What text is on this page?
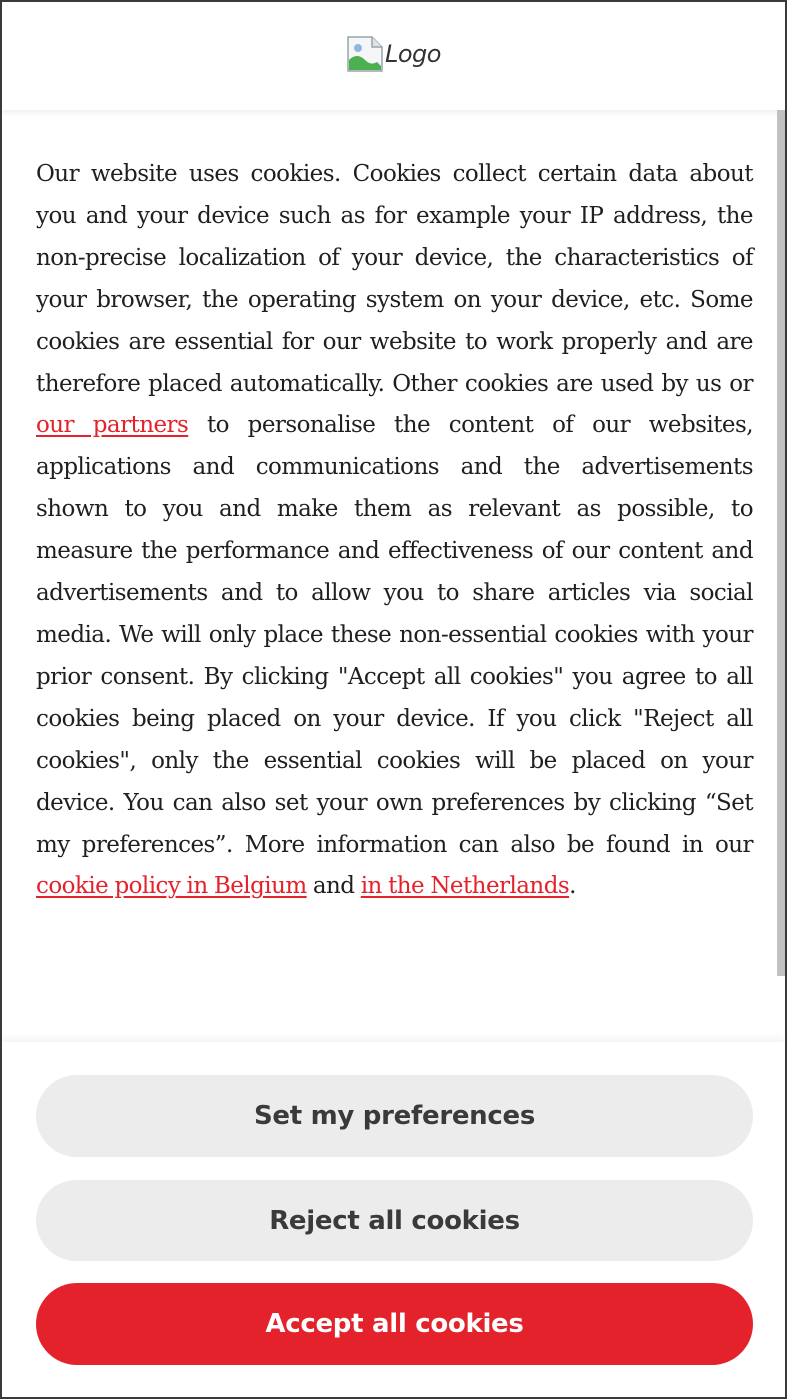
Logo

Our website uses cookies. Cookies collect certain data about you and your device such as for example your IP address, the non-precise localization of your device, the characteristics of your browser, the operating system on your device, etc. Some cookies are essential for our website to work properly and are therefore placed automatically. Other cookies are used by us or our partners to personalise the content of our websites, applications and communications and the advertisements shown to you and make them as relevant as possible, to measure the performance and effectiveness of our content and advertisements and to allow you to share articles via social media. We will only place these non-essential cookies with your prior consent. By clicking "Accept all cookies" you agree to all cookies being placed on your device. If you click "Reject all cookies", only the essential cookies will be placed on your device. You can also set your own preferences by clicking “Set my preferences”. More information can also be found in our cookie policy in Belgium and in the Netherlands.

Set my preferences
Reject all cookies
Accept all cookies
